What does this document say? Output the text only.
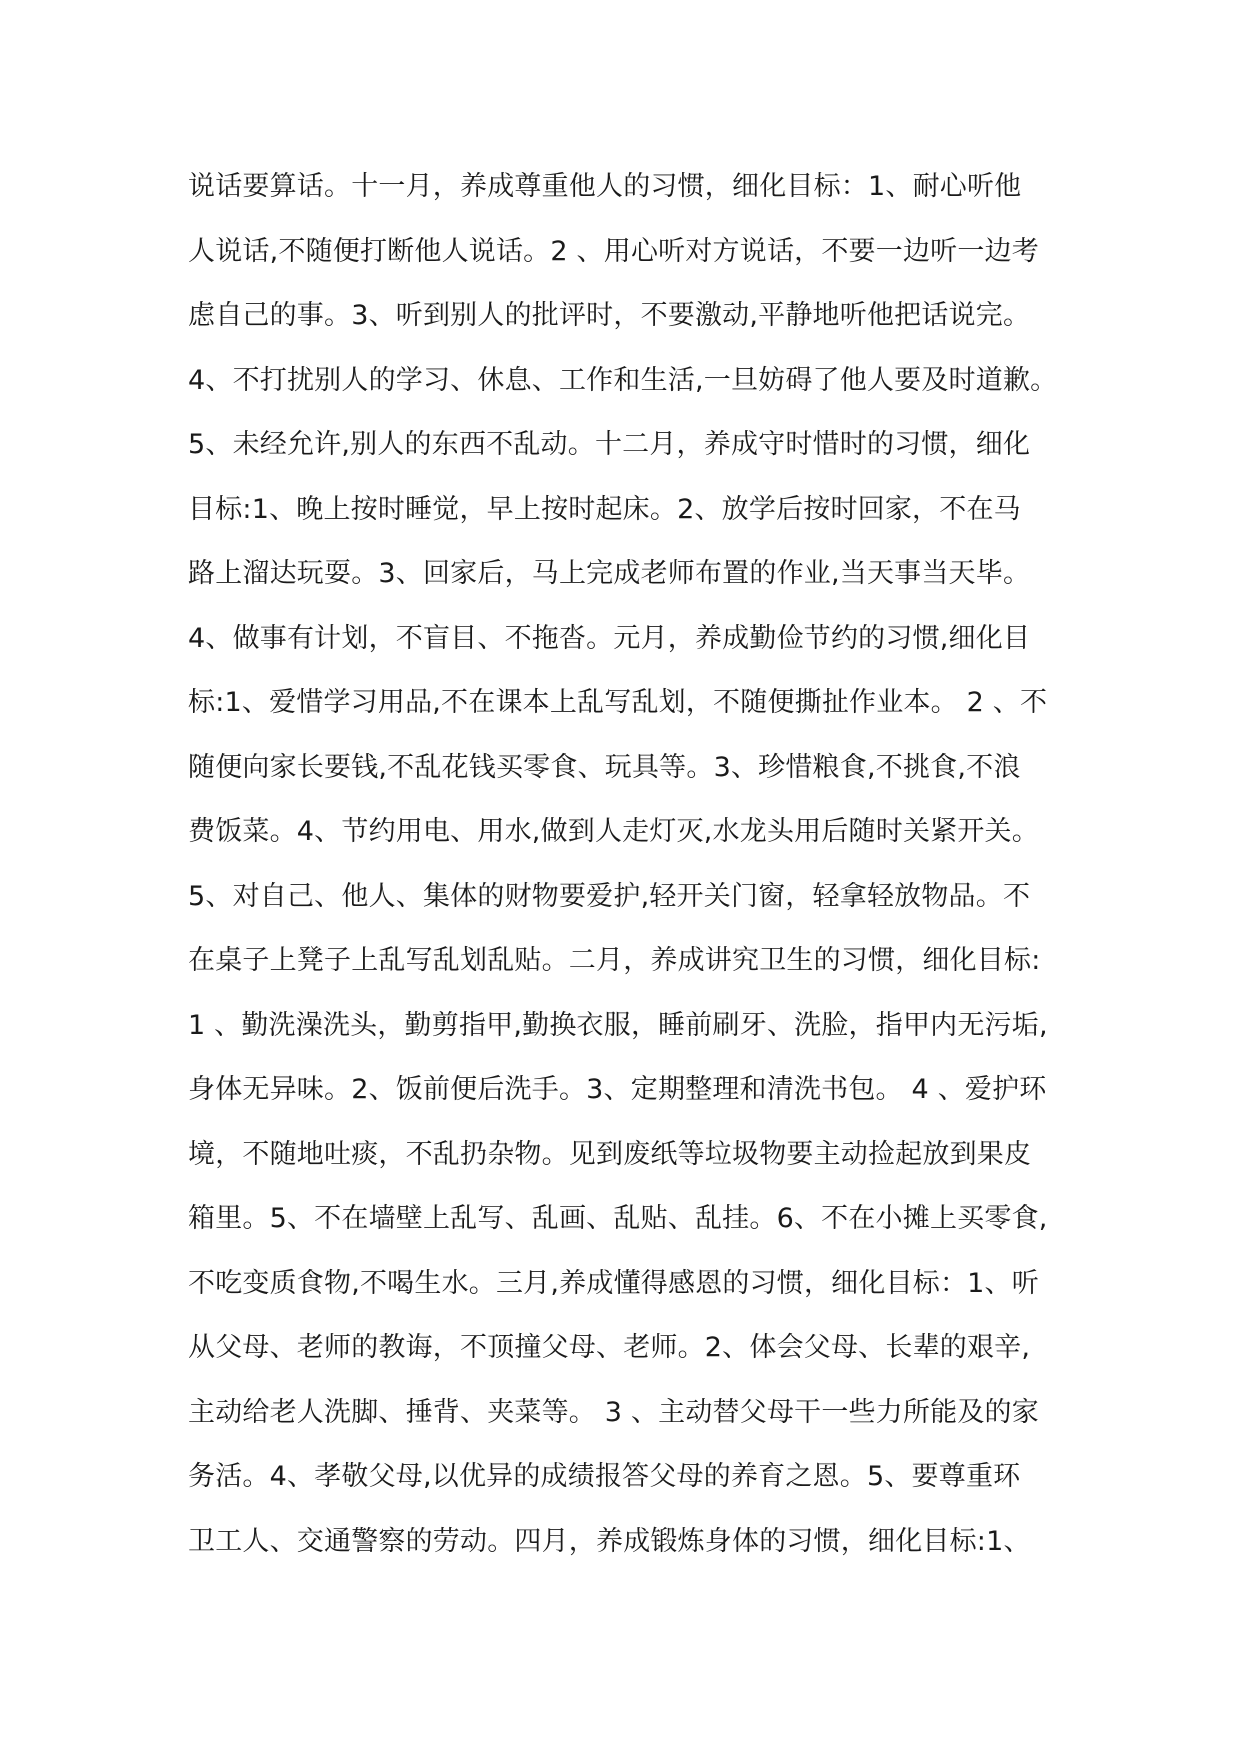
说话要算话。十一月，养成尊重他人的习惯，细化目标：1、耐心听他
人说话,不随便打断他人说话。2 、用心听对方说话，不要一边听一边考
虑自己的事。3、听到别人的批评时，不要激动,平静地听他把话说完。
4、不打扰别人的学习、休息、工作和生活,一旦妨碍了他人要及时道歉。
5、未经允许,别人的东西不乱动。十二月，养成守时惜时的习惯，细化
目标:1、晚上按时睡觉，早上按时起床。2、放学后按时回家，不在马
路上溜达玩耍。3、回家后，马上完成老师布置的作业,当天事当天毕。
4、做事有计划，不盲目、不拖沓。元月，养成勤俭节约的习惯,细化目
标:1、爱惜学习用品,不在课本上乱写乱划，不随便撕扯作业本。 2 、不
随便向家长要钱,不乱花钱买零食、玩具等。3、珍惜粮食,不挑食,不浪
费饭菜。4、节约用电、用水,做到人走灯灭,水龙头用后随时关紧开关。
5、对自己、他人、集体的财物要爱护,轻开关门窗，轻拿轻放物品。不
在桌子上凳子上乱写乱划乱贴。二月，养成讲究卫生的习惯，细化目标:
1 、勤洗澡洗头，勤剪指甲,勤换衣服，睡前刷牙、洗脸，指甲内无污垢,
身体无异味。2、饭前便后洗手。3、定期整理和清洗书包。 4 、爱护环
境，不随地吐痰，不乱扔杂物。见到废纸等垃圾物要主动捡起放到果皮
箱里。5、不在墙壁上乱写、乱画、乱贴、乱挂。6、不在小摊上买零食,
不吃变质食物,不喝生水。三月,养成懂得感恩的习惯，细化目标：1、听
从父母、老师的教诲，不顶撞父母、老师。2、体会父母、长辈的艰辛,
主动给老人洗脚、捶背、夹菜等。 3 、主动替父母干一些力所能及的家
务活。4、孝敬父母,以优异的成绩报答父母的养育之恩。5、要尊重环
卫工人、交通警察的劳动。四月，养成锻炼身体的习惯，细化目标:1、
